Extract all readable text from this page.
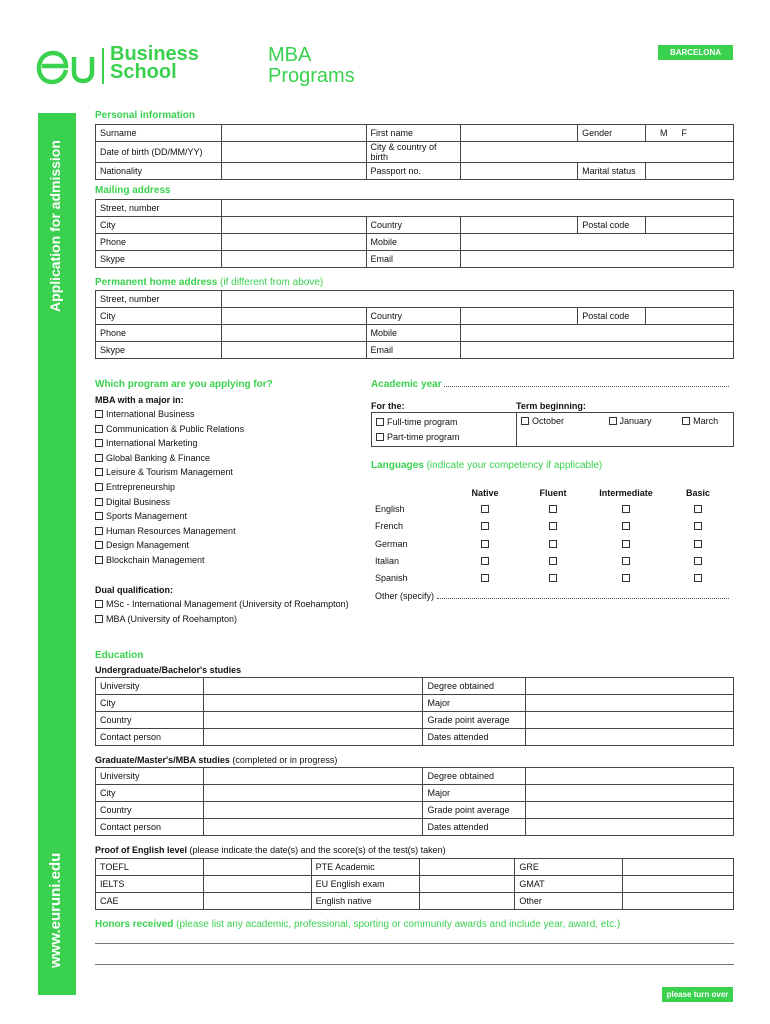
Application for admission
www.euruni.edu
Business
School
MBA
Programs
BARCELONA
Personal information
Surname		First name		Gender	M F
Date of birth (DD/MM/YY)		City & country of birth			
Nationality		Passport no.		Marital status	
Mailing address
Street, number					
City		Country		Postal code	
Phone		Mobile			
Skype		Email			
Permanent home address (if different from above)
Street, number					
City		Country		Postal code	
Phone		Mobile			
Skype		Email			
Which program are you applying for?
MBA with a major in:
International Business
Communication & Public Relations
International Marketing
Global Banking & Finance
Leisure & Tourism Management
Entrepreneurship
Digital Business
Sports Management
Human Resources Management
Design Management
Blockchain Management
Dual qualification:
MSc - International Management (University of Roehampton)
MBA (University of Roehampton)
Academic year
For the:	Term beginning:
Full-time program
Part-time program
	October	January	March
Languages (indicate your competency if applicable)
Native	Fluent	Intermediate	Basic
English
French
German
Italian
Spanish
Other (specify)
Education
Undergraduate/Bachelor's studies
University		Degree obtained	
City		Major	
Country		Grade point average	
Contact person		Dates attended	
Graduate/Master's/MBA studies (completed or in progress)
University		Degree obtained	
City		Major	
Country		Grade point average	
Contact person		Dates attended	
Proof of English level (please indicate the date(s) and the score(s) of the test(s) taken)
TOEFL		PTE Academic		GRE	
IELTS		EU English exam		GMAT	
CAE		English native		Other	
Honors received (please list any academic, professional, sporting or community awards and include year, award, etc.)
please turn over
